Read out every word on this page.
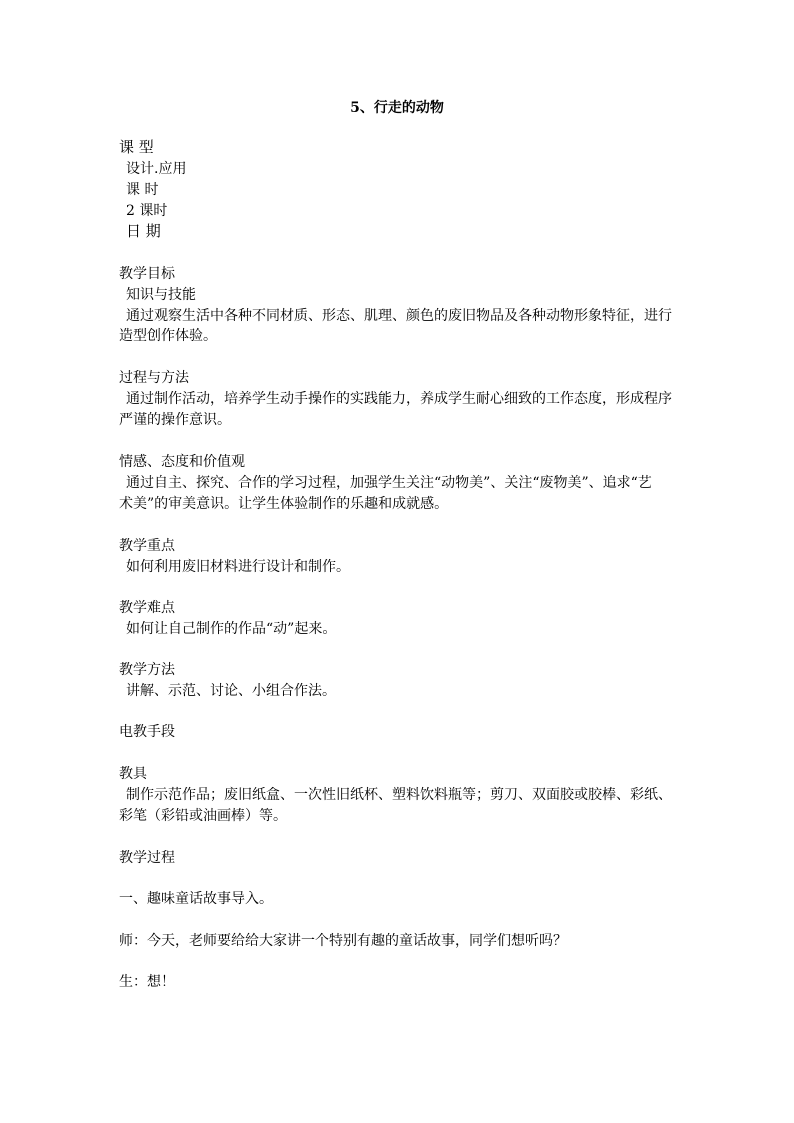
5、行走的动物
课 型
设计.应用
课 时
2 课时
日 期
教学目标
知识与技能
通过观察生活中各种不同材质、形态、肌理、颜色的废旧物品及各种动物形象特征，进行
造型创作体验。
过程与方法
通过制作活动，培养学生动手操作的实践能力，养成学生耐心细致的工作态度，形成程序
严谨的操作意识。
情感、态度和价值观
通过自主、探究、合作的学习过程，加强学生关注“动物美”、关注“废物美”、追求“艺
术美”的审美意识。让学生体验制作的乐趣和成就感。
教学重点
如何利用废旧材料进行设计和制作。
教学难点
如何让自己制作的作品“动”起来。
教学方法
讲解、示范、讨论、小组合作法。
电教手段
教具
制作示范作品；废旧纸盒、一次性旧纸杯、塑料饮料瓶等；剪刀、双面胶或胶棒、彩纸、
彩笔（彩铅或油画棒）等。
教学过程
一、趣味童话故事导入。
师：今天，老师要给给大家讲一个特别有趣的童话故事，同学们想听吗？
生：想！
